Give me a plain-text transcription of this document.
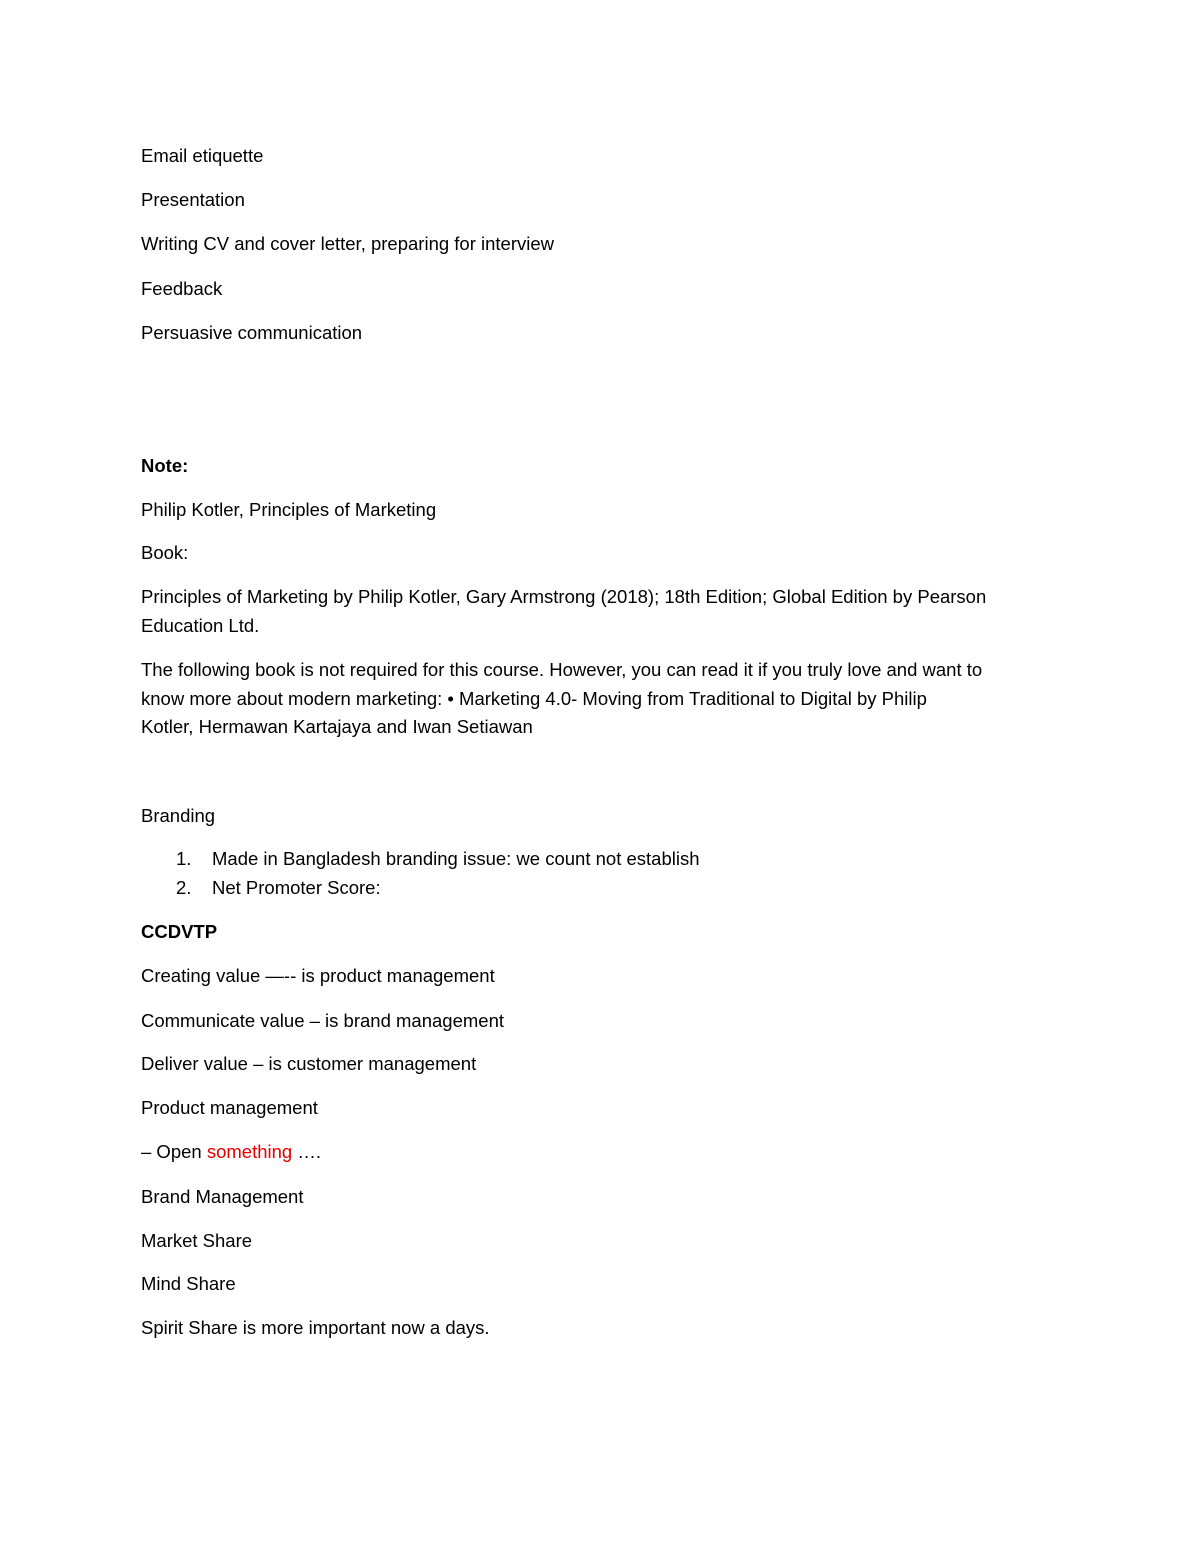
Email etiquette
Presentation
Writing CV and cover letter, preparing for interview
Feedback
Persuasive communication
Note:
Philip Kotler, Principles of Marketing
Book:
Principles of Marketing by Philip Kotler, Gary Armstrong (2018); 18th Edition; Global Edition by Pearson
Education Ltd.
The following book is not required for this course. However, you can read it if you truly love and want to
know more about modern marketing: • Marketing 4.0- Moving from Traditional to Digital by Philip
Kotler, Hermawan Kartajaya and Iwan Setiawan
Branding
1. Made in Bangladesh branding issue: we count not establish
2. Net Promoter Score:
CCDVTP
Creating value —-- is product management
Communicate value – is brand management
Deliver value – is customer management
Product management
– Open something ….
Brand Management
Market Share
Mind Share
Spirit Share is more important now a days.
